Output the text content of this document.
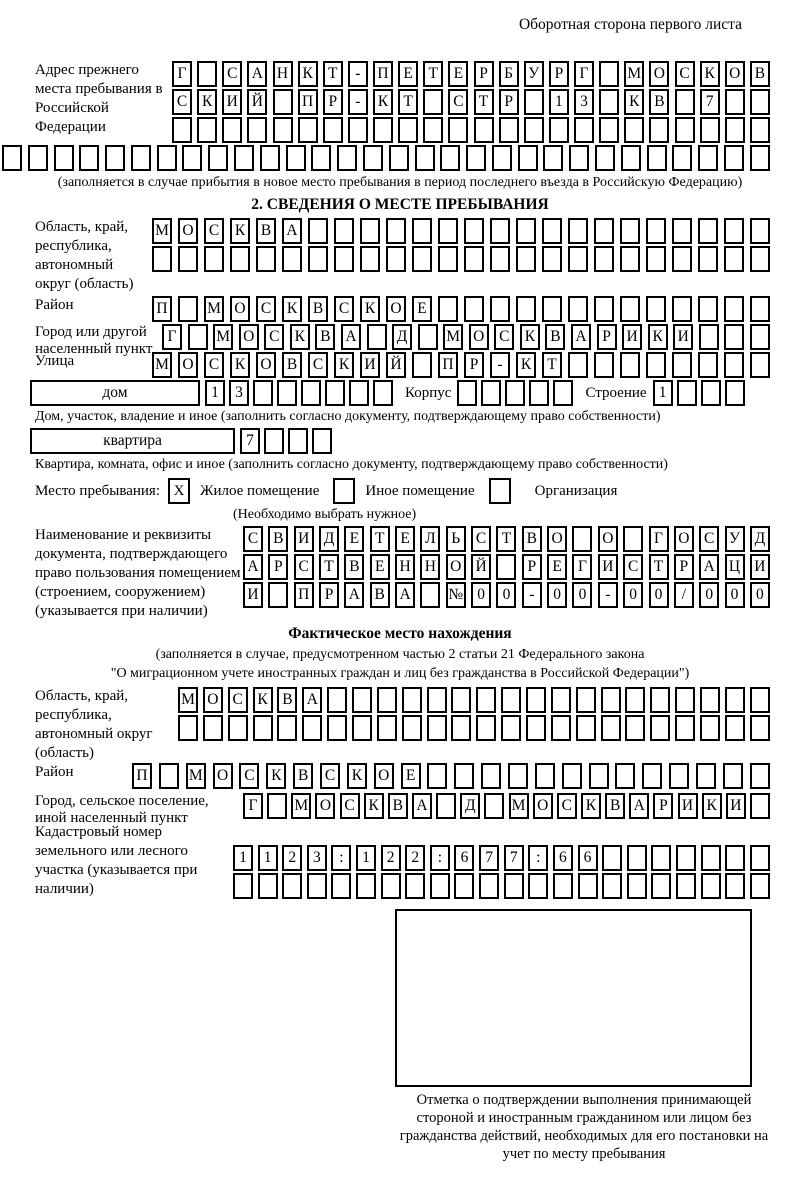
Оборотная сторона первого листа
Адрес прежнего места пребывания в Российской Федерации
Г	С А Н К Т	-	П Е	Т	Е	Р	Б У Р	Г	М О С К О В
С К И Й	П Р	-	К Т	С Т	Р	1	3	К В	7
(заполняется в случае прибытия в новое место пребывания в период последнего въезда в Российскую Федерацию)
2. СВЕДЕНИЯ О МЕСТЕ ПРЕБЫВАНИЯ
Область, край, республика, автономный округ (область)
М О С	К	В А
Район	П	М О С	К	В	С	К О	Е
Город или другой населенный пункт
Г	М О С К В А	Д	М О С К В А	Р	И К И
Улица	М О С	К О В	С	К И Й	П	Р	-	К	Т
дом	1	3	Корпус	Строение 1
Дом, участок, владение и иное (заполнить согласно документу, подтверждающему право собственности)
квартира	7
Квартира, комната, офис и иное (заполнить согласно документу, подтверждающему право собственности)
Место пребывания: X	Жилое помещение	Иное помещение	Организация
(Необходимо выбрать нужное)
Наименование и реквизиты документа, подтверждающего право пользования помещением (строением, сооружением) (указывается при наличии)
С В И Д Е	Т	Е Л	Ь	С Т В О	О	Г О С У Д
А Р	С Т В Е Н Н О Й	Р	Е	Г И С Т	Р А Ц И
И	П Р А В А № 0	0	-	0	0	-	0	0	/	0	0	0
Фактическое место нахождения
(заполняется в случае, предусмотренном частью 2 статьи 21 Федерального закона
"О миграционном учете иностранных граждан и лиц без гражданства в Российской Федерации")
Область, край, республика, автономный округ (область)
М О С К В А
Район	П	М О	С	К	В	С	К	О	Е
Город, сельское поселение, иной населенный пункт
Г	М О С К В А	Д	М О С К В А Р И К И
Кадастровый номер земельного или лесного участка (указывается при наличии)
1	1	2	3	:	1	2	2	:	6	7	7	:	6	6
Отметка о подтверждении выполнения принимающей стороной и иностранным гражданином или лицом без гражданства действий, необходимых для его постановки на учет по месту пребывания
